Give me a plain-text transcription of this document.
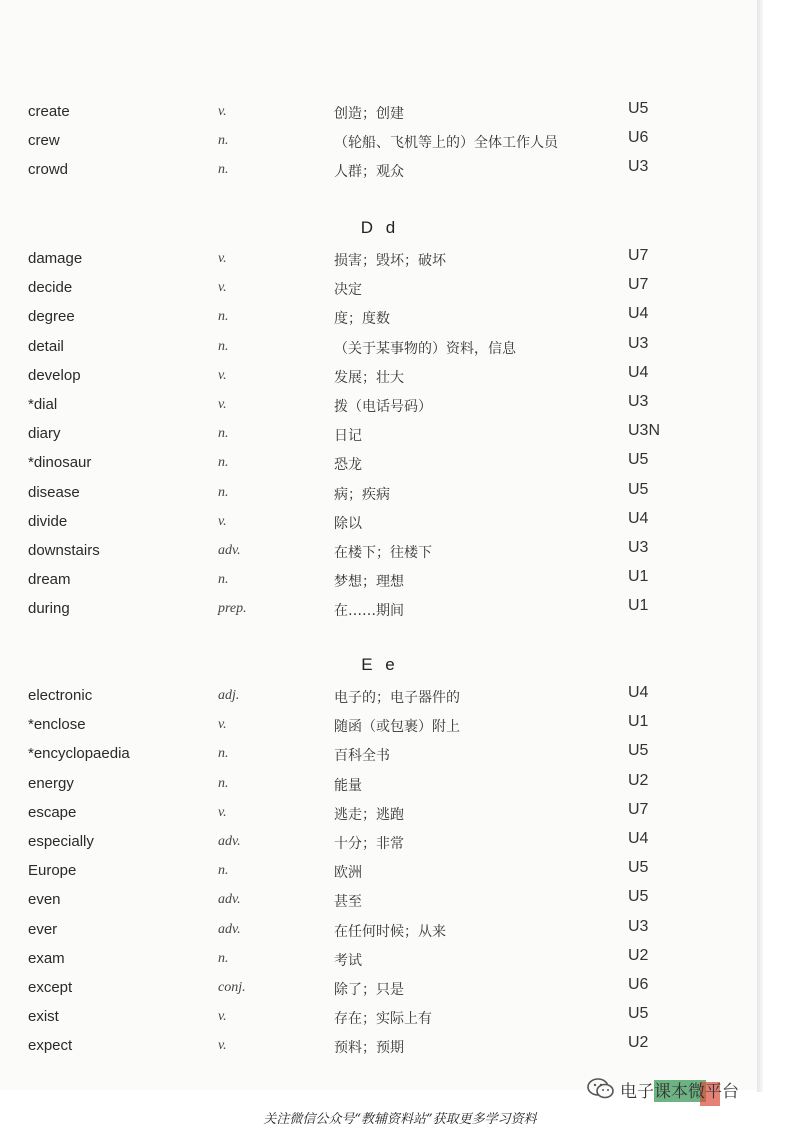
create	v.	创造；创建	U5
crew	n.	（轮船、飞机等上的）全体工作人员	U6
crowd	n.	人群；观众	U3
D d
damage	v.	损害；毁坏；破坏	U7
decide	v.	决定	U7
degree	n.	度；度数	U4
detail	n.	（关于某事物的）资料，信息	U3
develop	v.	发展；壮大	U4
*dial	v.	拨（电话号码）	U3
diary	n.	日记	U3N
*dinosaur	n.	恐龙	U5
disease	n.	病；疾病	U5
divide	v.	除以	U4
downstairs	adv.	在楼下；往楼下	U3
dream	n.	梦想；理想	U1
during	prep.	在……期间	U1
E e
electronic	adj.	电子的；电子器件的	U4
*enclose	v.	随函（或包裹）附上	U1
*encyclopaedia	n.	百科全书	U5
energy	n.	能量	U2
escape	v.	逃走；逃跑	U7
especially	adv.	十分；非常	U4
Europe	n.	欧洲	U5
even	adv.	甚至	U5
ever	adv.	在任何时候；从来	U3
exam	n.	考试	U2
except	conj.	除了；只是	U6
exist	v.	存在；实际上有	U5
expect	v.	预料；预期	U2
电子课本微平台
关注微信公众号“教辅资料站”获取更多学习资料
